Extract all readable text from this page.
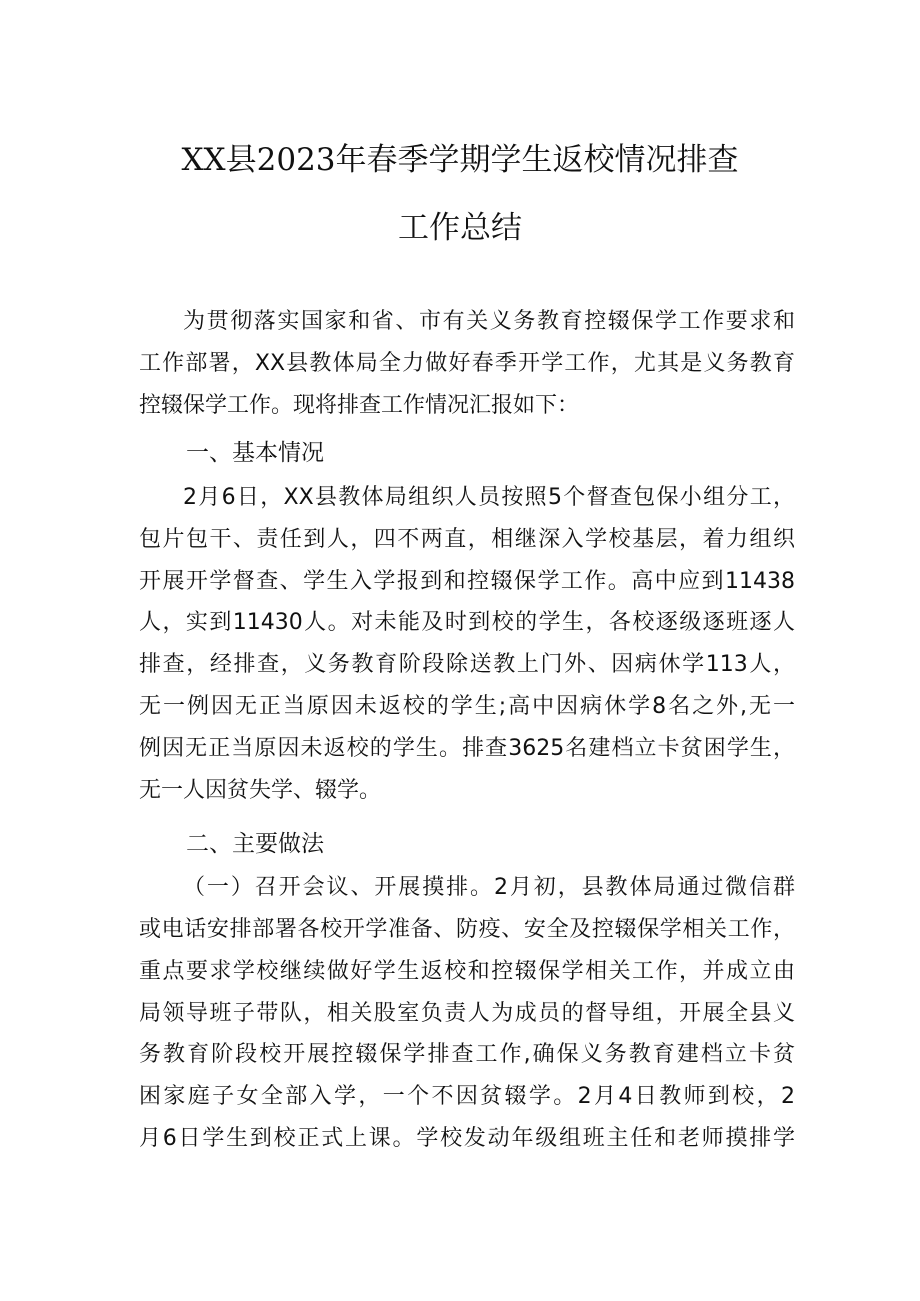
XX县2023年春季学期学生返校情况排查
工作总结
为贯彻落实国家和省、市有关义务教育控辍保学工作要求和
工作部署，XX县教体局全力做好春季开学工作，尤其是义务教育
控辍保学工作。现将排查工作情况汇报如下：
一、基本情况
2月6日，XX县教体局组织人员按照5个督查包保小组分工，
包片包干、责任到人，四不两直，相继深入学校基层，着力组织
开展开学督查、学生入学报到和控辍保学工作。高中应到11438
人，实到11430人。对未能及时到校的学生，各校逐级逐班逐人
排查，经排查，义务教育阶段除送教上门外、因病休学113人，
无一例因无正当原因未返校的学生;高中因病休学8名之外,无一
例因无正当原因未返校的学生。排查3625名建档立卡贫困学生，
无一人因贫失学、辍学。
二、主要做法
（一）召开会议、开展摸排。2月初，县教体局通过微信群
或电话安排部署各校开学准备、防疫、安全及控辍保学相关工作，
重点要求学校继续做好学生返校和控辍保学相关工作，并成立由
局领导班子带队，相关股室负责人为成员的督导组，开展全县义
务教育阶段校开展控辍保学排查工作,确保义务教育建档立卡贫
困家庭子女全部入学，一个不因贫辍学。2月4日教师到校，2
月6日学生到校正式上课。学校发动年级组班主任和老师摸排学
